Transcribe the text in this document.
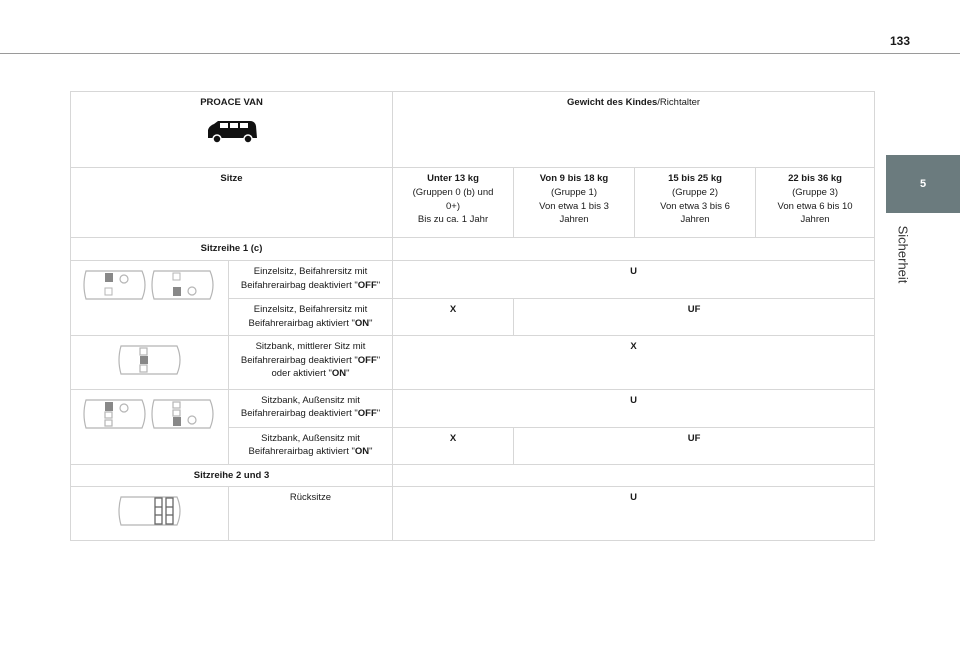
133
5
Sicherheit
PROACE VAN		Gewicht des Kindes/Richtalter			
Sitze		Unter 13 kg
(Gruppen 0 (b) und
0+)
Bis zu ca. 1 Jahr	Von 9 bis 18 kg
(Gruppe 1)
Von etwa 1 bis 3
Jahren	15 bis 25 kg
(Gruppe 2)
Von etwa 3 bis 6
Jahren	22 bis 36 kg
(Gruppe 3)
Von etwa 6 bis 10
Jahren

Sitzreihe 1 (c)					

Einzelsitz, Beifahrersitz mit
Beifahrerairbag deaktiviert "OFF"	U			

	Einzelsitz, Beifahrersitz mit
Beifahrerairbag aktiviert "ON"	X	UF		

Sitzbank, mittlerer Sitz mit
Beifahrerairbag deaktiviert "OFF"
oder aktiviert "ON"	X			

Sitzbank, Außensitz mit
Beifahrerairbag deaktiviert "OFF"	U			

	Sitzbank, Außensitz mit
Beifahrerairbag aktiviert "ON"	X	UF		
Sitzreihe 2 und 3					
	Rücksitze	U			
